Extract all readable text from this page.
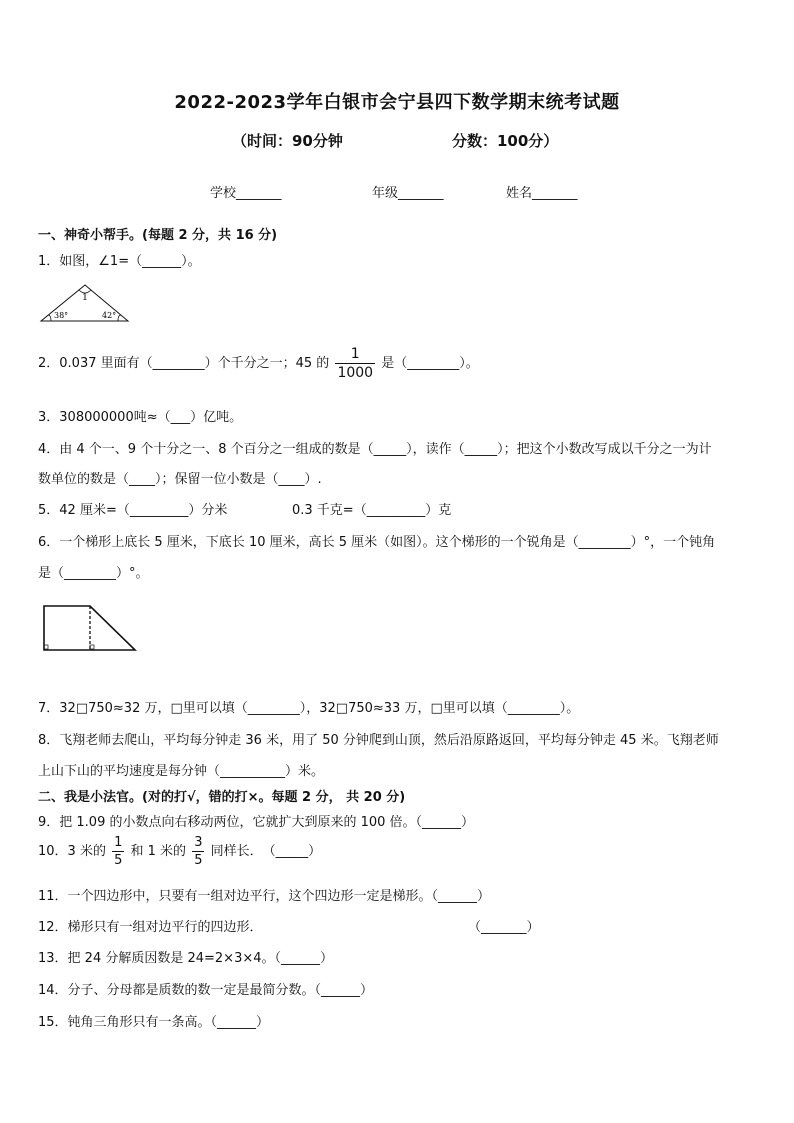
2022-2023学年白银市会宁县四下数学期末统考试题
（时间：90分钟	分数：100分）
学校_______	年级_______	姓名_______
一、神奇小帮手。(每题 2 分，共 16 分)
1．如图，∠1=（______）。
1
38°	42°
2．0.037 里面有（________）个千分之一；45 的 $\frac{1}{1000}$ 是（________）。
3．308000000吨≈（___）亿吨。
4．由 4 个一、9 个十分之一、8 个百分之一组成的数是（_____），读作（_____）；把这个小数改写成以千分之一为计
数单位的数是（____）；保留一位小数是（____）.
5．42 厘米=（_________）分米	0.3 千克=（_________）克
6．一个梯形上底长 5 厘米，下底长 10 厘米，高长 5 厘米（如图）。这个梯形的一个锐角是（________）°，一个钝角
是（________）°。
7．32□750≈32 万，□里可以填（________），32□750≈33 万，□里可以填（________）。
8．飞翔老师去爬山，平均每分钟走 36 米，用了 50 分钟爬到山顶，然后沿原路返回，平均每分钟走 45 米。飞翔老师
上山下山的平均速度是每分钟（__________）米。
二、我是小法官。(对的打√，错的打×。每题 2 分， 共 20 分)
9．把 1.09 的小数点向右移动两位，它就扩大到原来的 100 倍。（______）
10．3 米的 $\frac{1}{5}$ 和 1 米的 $\frac{3}{5}$ 同样长．　（_____）
11．一个四边形中，只要有一组对边平行，这个四边形一定是梯形。（______）
12．梯形只有一组对边平行的四边形．	（_______）
13．把 24 分解质因数是 24=2×3×4。（______）
14．分子、分母都是质数的数一定是最简分数。（______）
15．钝角三角形只有一条高。（______）
